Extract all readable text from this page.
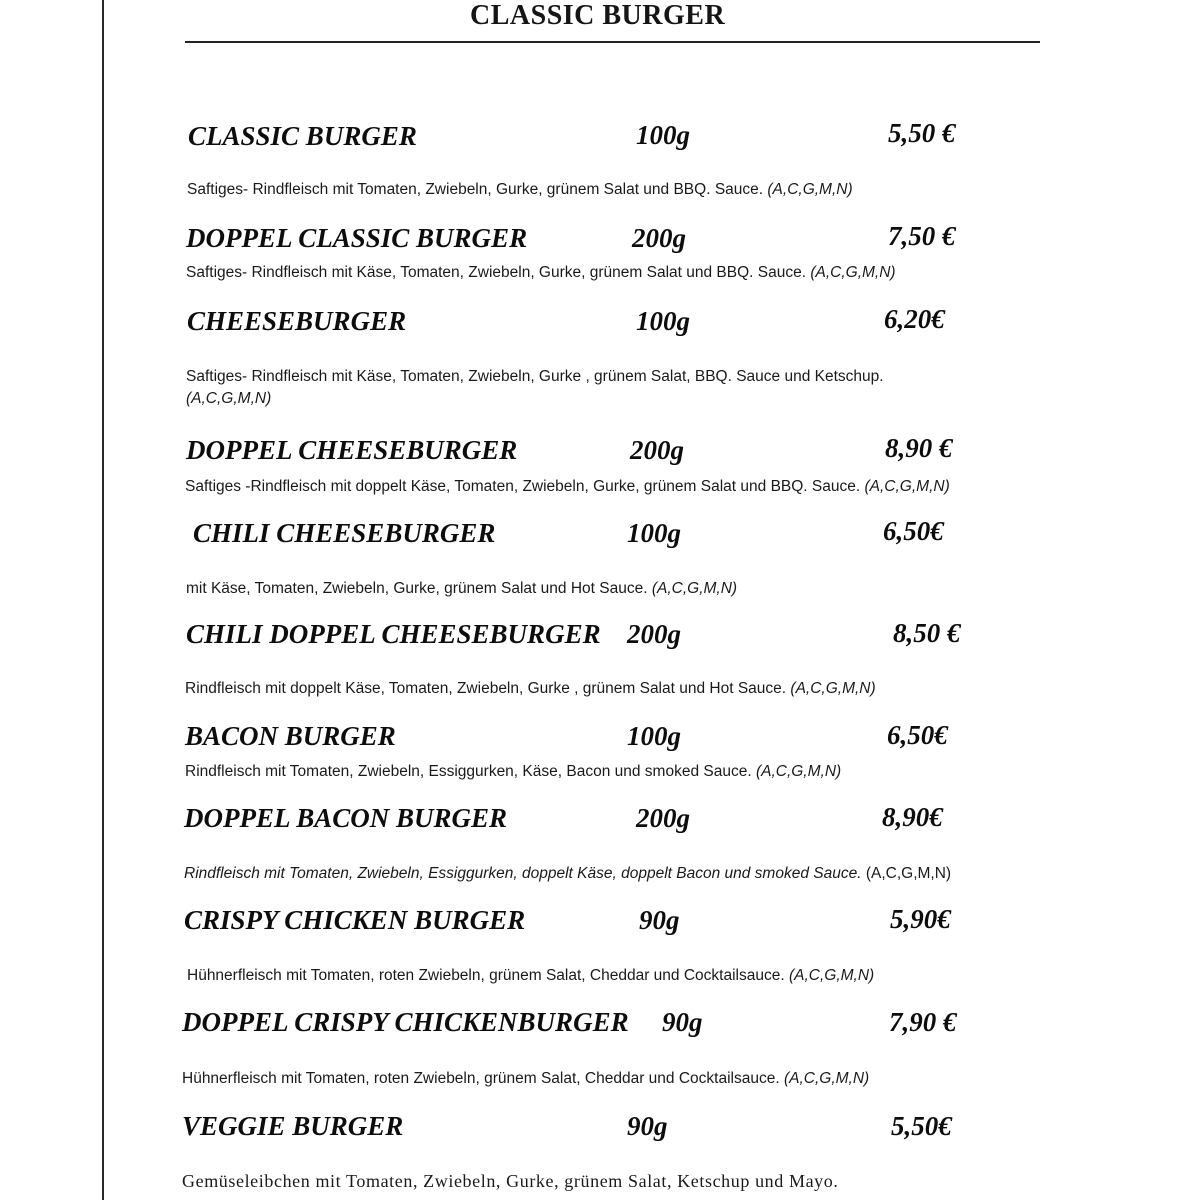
CLASSIC BURGER
CLASSIC BURGER	100g	5,50 €
Saftiges- Rindfleisch mit Tomaten, Zwiebeln, Gurke, grünem Salat und BBQ. Sauce. (A,C,G,M,N)
DOPPEL CLASSIC BURGER	200g	7,50 €
Saftiges- Rindfleisch mit Käse, Tomaten, Zwiebeln, Gurke, grünem Salat und BBQ. Sauce. (A,C,G,M,N)
CHEESEBURGER	100g	6,20€
Saftiges- Rindfleisch mit Käse, Tomaten, Zwiebeln, Gurke , grünem Salat, BBQ. Sauce und Ketschup.
(A,C,G,M,N)
DOPPEL CHEESEBURGER	200g	8,90 €
Saftiges -Rindfleisch mit doppelt Käse, Tomaten, Zwiebeln, Gurke, grünem Salat und BBQ. Sauce. (A,C,G,M,N)
CHILI CHEESEBURGER	100g	6,50€
mit Käse, Tomaten, Zwiebeln, Gurke, grünem Salat und Hot Sauce. (A,C,G,M,N)
CHILI DOPPEL CHEESEBURGER 200g	8,50 €
Rindfleisch mit doppelt Käse, Tomaten, Zwiebeln, Gurke , grünem Salat und Hot Sauce. (A,C,G,M,N)
BACON BURGER	100g	6,50€
Rindfleisch mit Tomaten, Zwiebeln, Essiggurken, Käse, Bacon und smoked Sauce. (A,C,G,M,N)
DOPPEL BACON BURGER	200g	8,90€
Rindfleisch mit Tomaten, Zwiebeln, Essiggurken, doppelt Käse, doppelt Bacon und smoked Sauce. (A,C,G,M,N)
CRISPY CHICKEN BURGER	90g	5,90€
Hühnerfleisch mit Tomaten, roten Zwiebeln, grünem Salat, Cheddar und Cocktailsauce. (A,C,G,M,N)
DOPPEL CRISPY CHICKENBURGER 90g	7,90 €
Hühnerfleisch mit Tomaten, roten Zwiebeln, grünem Salat, Cheddar und Cocktailsauce. (A,C,G,M,N)
VEGGIE BURGER	90g	5,50€
Gemüseleibchen mit Tomaten, Zwiebeln, Gurke, grünem Salat, Ketschup und Mayo.
